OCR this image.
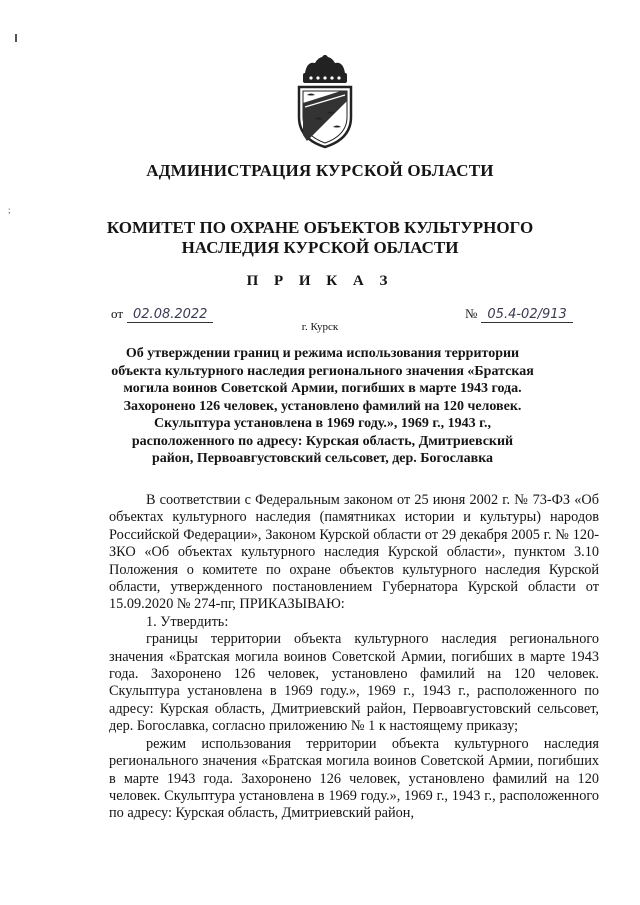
;
АДМИНИСТРАЦИЯ КУРСКОЙ ОБЛАСТИ
КОМИТЕТ ПО ОХРАНЕ ОБЪЕКТОВ КУЛЬТУРНОГО НАСЛЕДИЯ КУРСКОЙ ОБЛАСТИ
П Р И К А З
от 02.08.2022	№ 05.4-02/913
г. Курск
Об утверждении границ и режима использования территории объекта культурного наследия регионального значения «Братская могила воинов Советской Армии, погибших в марте 1943 года. Захоронено 126 человек, установлено фамилий на 120 человек. Скульптура установлена в 1969 году.», 1969 г., 1943 г., расположенного по адресу: Курская область, Дмитриевский район, Первоавгустовский сельсовет, дер. Богославка

В соответствии с Федеральным законом от 25 июня 2002 г. № 73-ФЗ «Об объектах культурного наследия (памятниках истории и культуры) народов Российской Федерации», Законом Курской области от 29 декабря 2005 г. № 120-ЗКО «Об объектах культурного наследия Курской области», пунктом 3.10 Положения о комитете по охране объектов культурного наследия Курской области, утвержденного постановлением Губернатора Курской области от 15.09.2020 № 274-пг, ПРИКАЗЫВАЮ:

1. Утвердить:

границы территории объекта культурного наследия регионального значения «Братская могила воинов Советской Армии, погибших в марте 1943 года. Захоронено 126 человек, установлено фамилий на 120 человек. Скульптура установлена в 1969 году.», 1969 г., 1943 г., расположенного по адресу: Курская область, Дмитриевский район, Первоавгустовский сельсовет, дер. Богославка, согласно приложению № 1 к настоящему приказу;

режим использования территории объекта культурного наследия регионального значения «Братская могила воинов Советской Армии, погибших в марте 1943 года. Захоронено 126 человек, установлено фамилий на 120 человек. Скульптура установлена в 1969 году.», 1969 г., 1943 г., расположенного по адресу: Курская область, Дмитриевский район,
